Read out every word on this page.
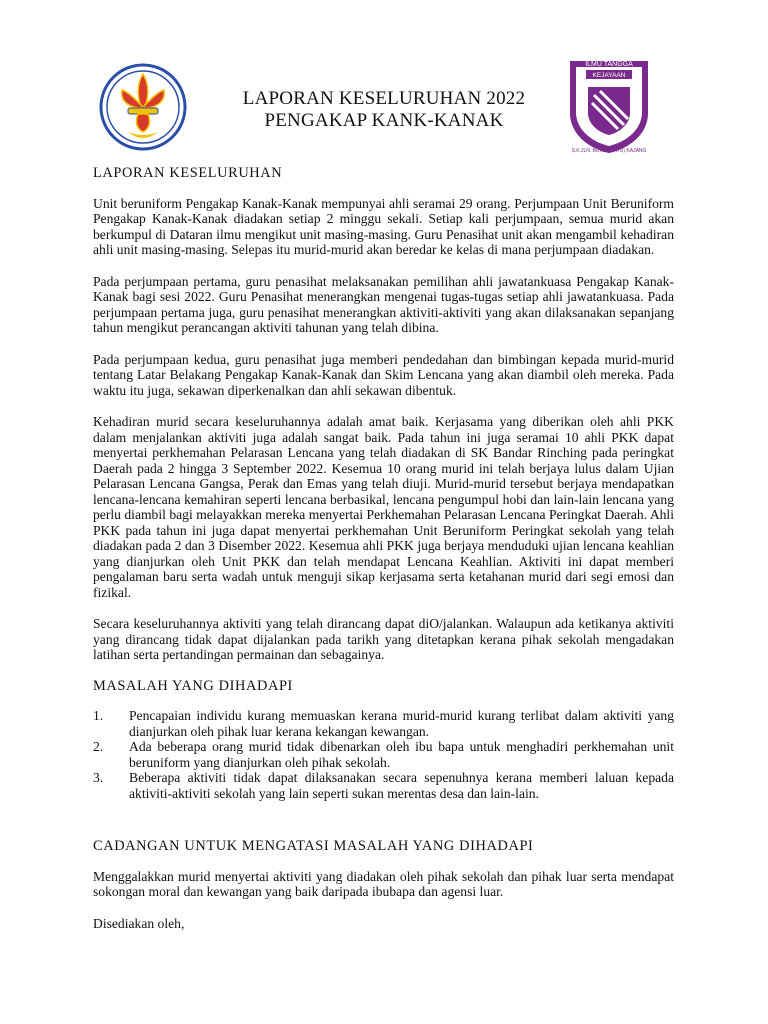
ILMU TANGGA
KEJAYAAN
S.K.JLN. BUKIT (BATU) KAJANG
LAPORAN KESELURUHAN 2022
PENGAKAP KANK-KANAK
LAPORAN KESELURUHAN

Unit beruniform Pengakap Kanak-Kanak mempunyai ahli seramai 29 orang. Perjumpaan Unit Beruniform Pengakap Kanak-Kanak diadakan setiap 2 minggu sekali. Setiap kali perjumpaan, semua murid akan berkumpul di Dataran ilmu mengikut unit masing-masing. Guru Penasihat unit akan mengambil kehadiran ahli unit masing-masing. Selepas itu murid-murid akan beredar ke kelas di mana perjumpaan diadakan.

Pada perjumpaan pertama, guru penasihat melaksanakan pemilihan ahli jawatankuasa Pengakap Kanak-Kanak bagi sesi 2022. Guru Penasihat menerangkan mengenai tugas-tugas setiap ahli jawatankuasa. Pada perjumpaan pertama juga, guru penasihat menerangkan aktiviti-aktiviti yang akan dilaksanakan sepanjang tahun mengikut perancangan aktiviti tahunan yang telah dibina.

Pada perjumpaan kedua, guru penasihat juga memberi pendedahan dan bimbingan kepada murid-murid tentang Latar Belakang Pengakap Kanak-Kanak dan Skim Lencana yang akan diambil oleh mereka. Pada waktu itu juga, sekawan diperkenalkan dan ahli sekawan dibentuk.

Kehadiran murid secara keseluruhannya adalah amat baik. Kerjasama yang diberikan oleh ahli PKK dalam menjalankan aktiviti juga adalah sangat baik. Pada tahun ini juga seramai 10 ahli PKK dapat menyertai perkhemahan Pelarasan Lencana yang telah diadakan di SK Bandar Rinching pada peringkat Daerah pada 2 hingga 3 September 2022. Kesemua 10 orang murid ini telah berjaya lulus dalam Ujian Pelarasan Lencana Gangsa, Perak dan Emas yang telah diuji. Murid-murid tersebut berjaya mendapatkan lencana-lencana kemahiran seperti lencana berbasikal, lencana pengumpul hobi dan lain-lain lencana yang perlu diambil bagi melayakkan mereka menyertai Perkhemahan Pelarasan Lencana Peringkat Daerah. Ahli PKK pada tahun ini juga dapat menyertai perkhemahan Unit Beruniform Peringkat sekolah yang telah diadakan pada 2 dan 3 Disember 2022. Kesemua ahli PKK juga berjaya menduduki ujian lencana keahlian yang dianjurkan oleh Unit PKK dan telah mendapat Lencana Keahlian. Aktiviti ini dapat memberi pengalaman baru serta wadah untuk menguji sikap kerjasama serta ketahanan murid dari segi emosi dan fizikal.

Secara keseluruhannya aktiviti yang telah dirancang dapat diO/jalankan. Walaupun ada ketikanya aktiviti yang dirancang tidak dapat dijalankan pada tarikh yang ditetapkan kerana pihak sekolah mengadakan latihan serta pertandingan permainan dan sebagainya.

MASALAH YANG DIHADAPI
1.	Pencapaian individu kurang memuaskan kerana murid-murid kurang terlibat dalam aktiviti yang dianjurkan oleh pihak luar kerana kekangan kewangan.
2.	Ada beberapa orang murid tidak dibenarkan oleh ibu bapa untuk menghadiri perkhemahan unit beruniform yang dianjurkan oleh pihak sekolah.
3.	Beberapa aktiviti tidak dapat dilaksanakan secara sepenuhnya kerana memberi laluan kepada aktiviti-aktiviti sekolah yang lain seperti sukan merentas desa dan lain-lain.
CADANGAN UNTUK MENGATASI MASALAH YANG DIHADAPI

Menggalakkan murid menyertai aktiviti yang diadakan oleh pihak sekolah dan pihak luar serta mendapat sokongan moral dan kewangan yang baik daripada ibubapa dan agensi luar.

Disediakan oleh,
